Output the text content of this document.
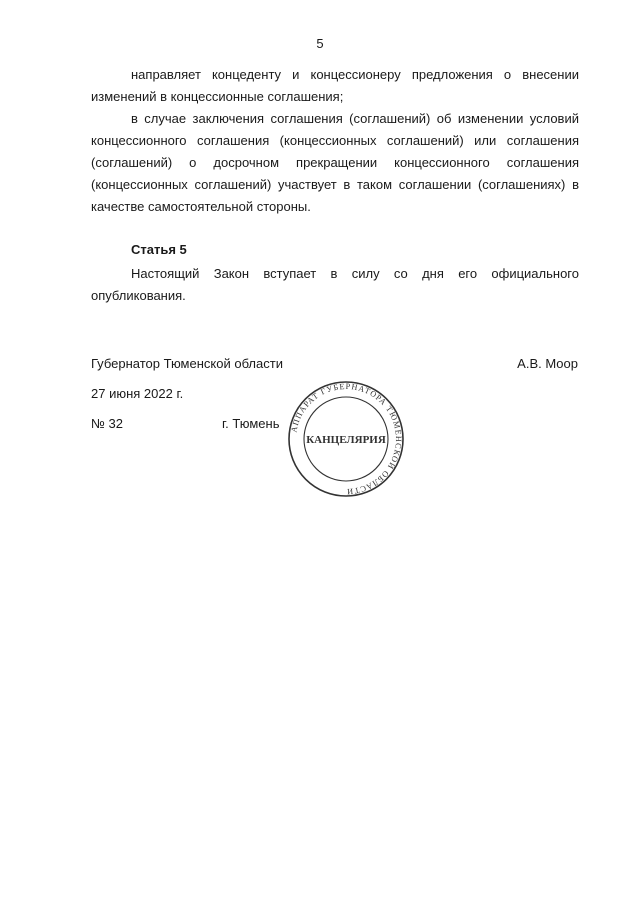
5

направляет концеденту и концессионеру предложения о внесении изменений в концессионные соглашения;

в случае заключения соглашения (соглашений) об изменении условий концессионного соглашения (концессионных соглашений) или соглашения (соглашений) о досрочном прекращении концессионного соглашения (концессионных соглашений) участвует в таком соглашении (соглашениях) в качестве самостоятельной стороны.

Статья 5

Настоящий Закон вступает в силу со дня его официального опубликования.

Губернатор Тюменской области	А.В. Моор
27 июня 2022 г.
№ 32	г. Тюмень АППАРАТ ГУБЕРНАТОРА ТЮМЕНСКОЙ ОБЛАСТИ
КАНЦЕЛЯРИЯ
